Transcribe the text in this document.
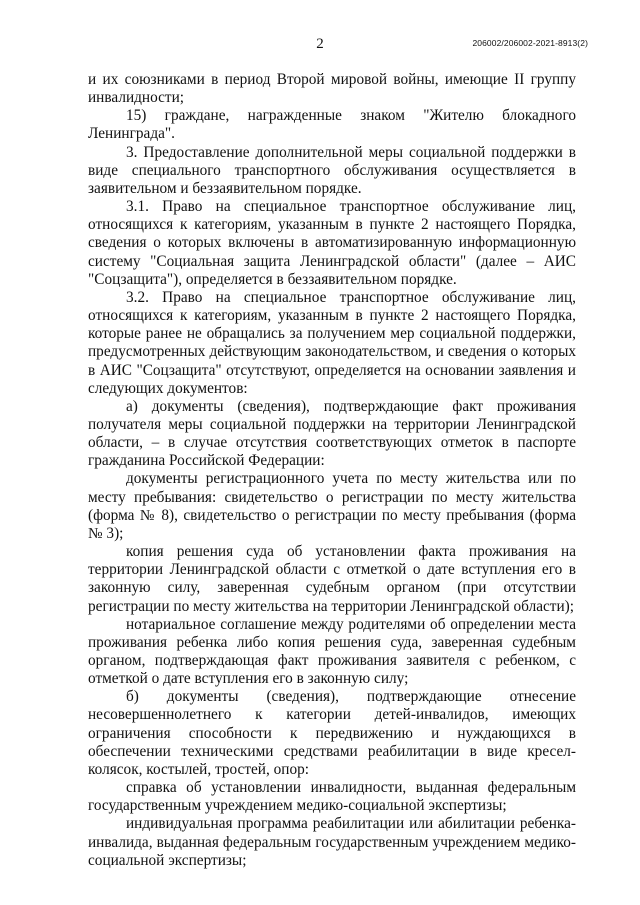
2	206002/206002-2021-8913(2)

и их союзниками в период Второй мировой войны, имеющие II группу инвалидности;

15) граждане, награжденные знаком "Жителю блокадного Ленинграда".

3. Предоставление дополнительной меры социальной поддержки в виде специального транспортного обслуживания осуществляется в заявительном и беззаявительном порядке.

3.1. Право на специальное транспортное обслуживание лиц, относящихся к категориям, указанным в пункте 2 настоящего Порядка, сведения о которых включены в автоматизированную информационную систему "Социальная защита Ленинградской области" (далее – АИС "Соцзащита"), определяется в беззаявительном порядке.

3.2. Право на специальное транспортное обслуживание лиц, относящихся к категориям, указанным в пункте 2 настоящего Порядка, которые ранее не обращались за получением мер социальной поддержки, предусмотренных действующим законодательством, и сведения о которых в АИС "Соцзащита" отсутствуют, определяется на основании заявления и следующих документов:

а) документы (сведения), подтверждающие факт проживания получателя меры социальной поддержки на территории Ленинградской области, – в случае отсутствия соответствующих отметок в паспорте гражданина Российской Федерации:

документы регистрационного учета по месту жительства или по месту пребывания: свидетельство о регистрации по месту жительства (форма № 8), свидетельство о регистрации по месту пребывания (форма № 3);

копия решения суда об установлении факта проживания на территории Ленинградской области с отметкой о дате вступления его в законную силу, заверенная судебным органом (при отсутствии регистрации по месту жительства на территории Ленинградской области);

нотариальное соглашение между родителями об определении места проживания ребенка либо копия решения суда, заверенная судебным органом, подтверждающая факт проживания заявителя с ребенком, с отметкой о дате вступления его в законную силу;

б) документы (сведения), подтверждающие отнесение несовершеннолетнего к категории детей-инвалидов, имеющих ограничения способности к передвижению и нуждающихся в обеспечении техническими средствами реабилитации в виде кресел-колясок, костылей, тростей, опор:

справка об установлении инвалидности, выданная федеральным государственным учреждением медико-социальной экспертизы;

индивидуальная программа реабилитации или абилитации ребенка-инвалида, выданная федеральным государственным учреждением медико-социальной экспертизы;
